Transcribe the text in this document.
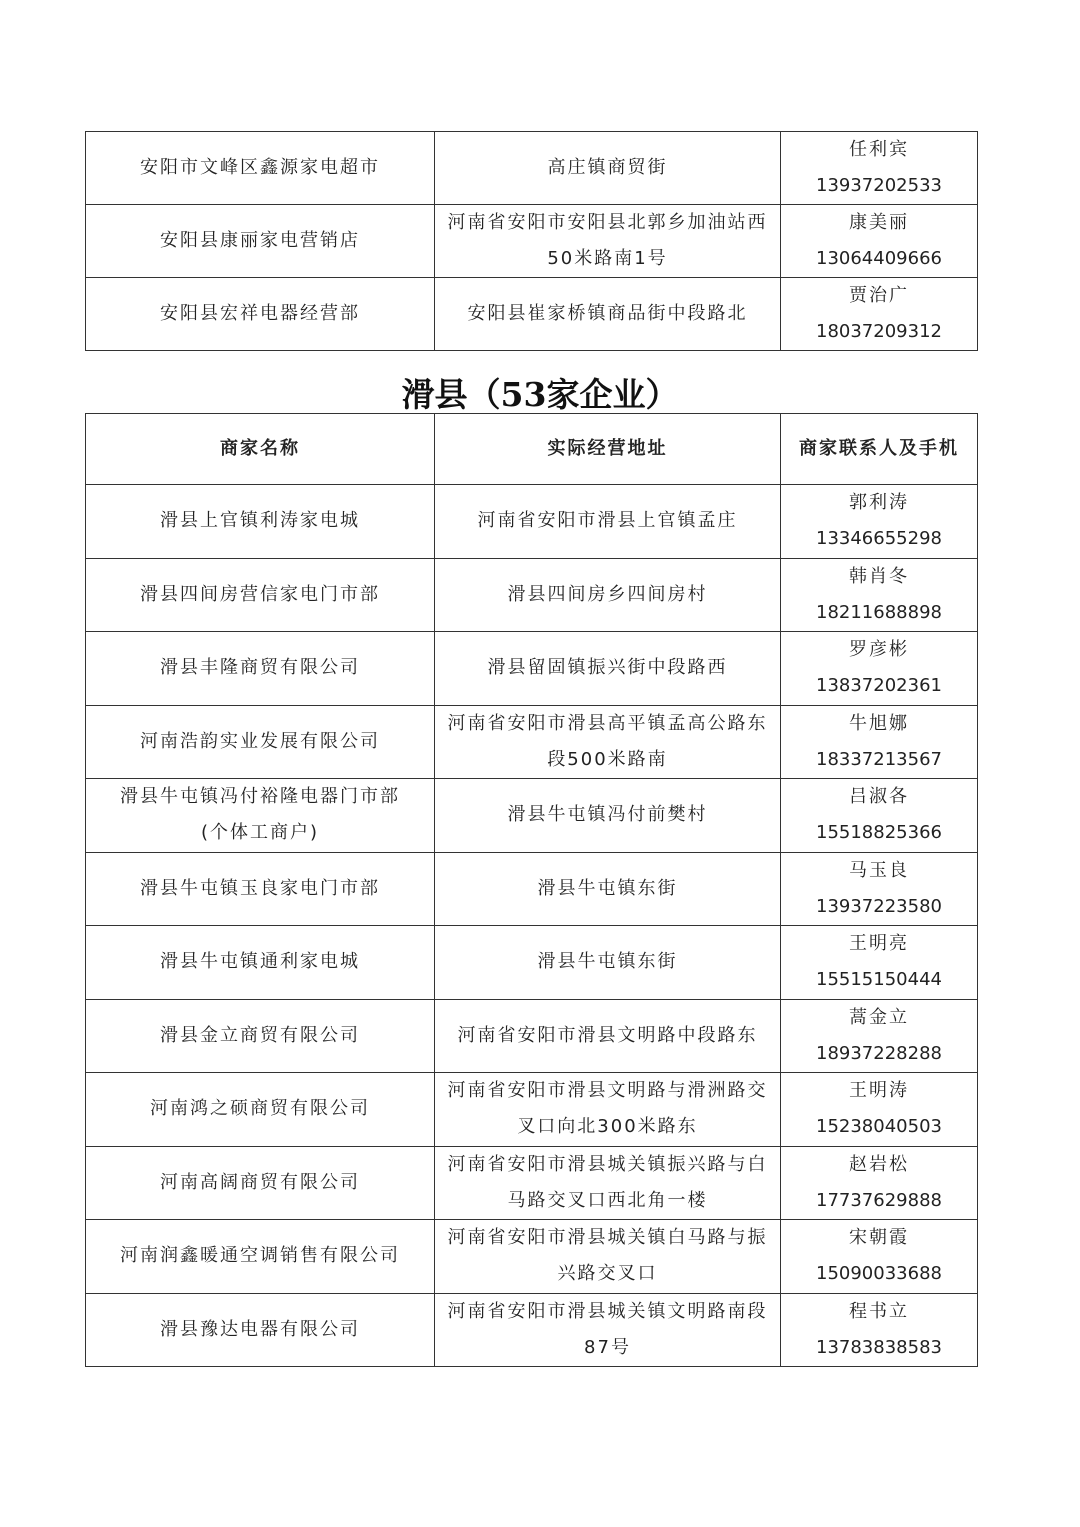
安阳市文峰区鑫源家电超市	高庄镇商贸街	任利宾
13937202533

安阳县康丽家电营销店	河南省安阳市安阳县北郭乡加油站西
50米路南1号	康美丽
13064409666

安阳县宏祥电器经营部	安阳县崔家桥镇商品街中段路北	贾治广
18037209312
滑县（53家企业）
商家名称	实际经营地址	商家联系人及手机

滑县上官镇利涛家电城	河南省安阳市滑县上官镇孟庄	郭利涛
13346655298

滑县四间房营信家电门市部	滑县四间房乡四间房村	韩肖冬
18211688898

滑县丰隆商贸有限公司	滑县留固镇振兴街中段路西	罗彦彬
13837202361

河南浩韵实业发展有限公司	河南省安阳市滑县高平镇孟高公路东
段500米路南	牛旭娜
18337213567

滑县牛屯镇冯付裕隆电器门市部
(个体工商户)	滑县牛屯镇冯付前樊村	吕淑各
15518825366

滑县牛屯镇玉良家电门市部	滑县牛屯镇东街	马玉良
13937223580

滑县牛屯镇通利家电城	滑县牛屯镇东街	王明亮
15515150444

滑县金立商贸有限公司	河南省安阳市滑县文明路中段路东	蒿金立
18937228288

河南鸿之硕商贸有限公司	河南省安阳市滑县文明路与滑洲路交
叉口向北300米路东	王明涛
15238040503

河南高阔商贸有限公司	河南省安阳市滑县城关镇振兴路与白
马路交叉口西北角一楼	赵岩松
17737629888

河南润鑫暖通空调销售有限公司	河南省安阳市滑县城关镇白马路与振
兴路交叉口	宋朝霞
15090033688

滑县豫达电器有限公司	河南省安阳市滑县城关镇文明路南段
87号	程书立
13783838583
